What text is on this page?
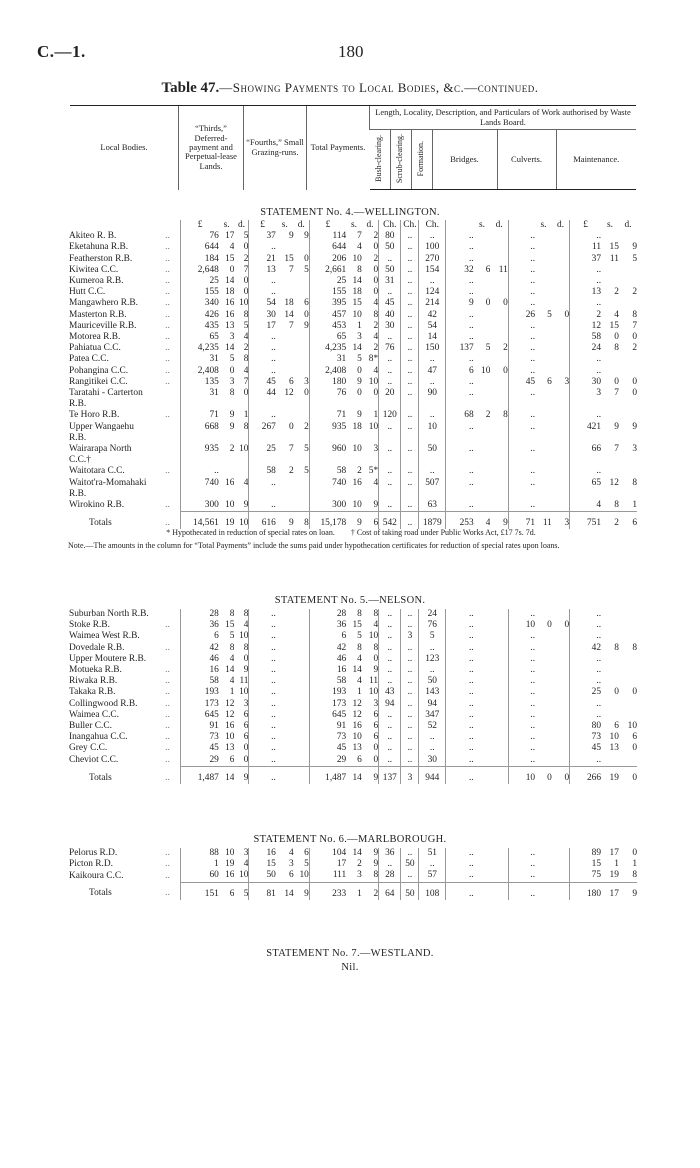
C.—1.	180
Table 47.—Showing Payments to Local Bodies, &c.—continued.
Local Bodies.	“Thirds,” Deferred-payment and Perpetual-lease Lands.	“Fourths,” Small Grazing-runs.	Total Payments.	Length, Locality, Description, and Particulars of Work authorised by Waste Lands Board.					
				Bush-clearing.	Scrub-clearing.	Formation.	Bridges.	Culverts.	Maintenance.
STATEMENT No. 4.—WELLINGTON.
		£	s.	d.	£	s.	d.	£	s.	d.	Ch.	Ch.	Ch.		s.	d.		s.	d.	£	s.	d.
Akiteo R. B.	..	76	17	5	37	9	9	114	7	2	80	..	..	..			..			..		
Eketahuna R.B.	..	644	4	0	..			644	4	0	50	..	100	..			..			11	15	9
Featherston R.B.	..	184	15	2	21	15	0	206	10	2	..	..	270	..			..			37	11	5
Kiwitea C.C.	..	2,648	0	7	13	7	5	2,661	8	0	50	..	154	32	6	11	..			..		
Kumeroa R.B.	..	25	14	0	..			25	14	0	31	..	..	..			..			..		
Hutt C.C.	..	155	18	0	..			155	18	0	..	..	124	..			..			13	2	2
Mangawhero R.B.	..	340	16	10	54	18	6	395	15	4	45	..	214	9	0	0	..			..		
Masterton R.B.	..	426	16	8	30	14	0	457	10	8	40	..	42	..			26	5	0	2	4	8
Mauriceville R.B.	..	435	13	5	17	7	9	453	1	2	30	..	54	..			..			12	15	7
Motorea R.B.	..	65	3	4	..			65	3	4	..	..	14	..			..			58	0	0
Pahiatua C.C.	..	4,235	14	2	..			4,235	14	2	76	..	150	137	5	2	..			24	8	2
Patea C.C.	..	31	5	8	..			31	5	8*	..	..	..	..			..			..		
Pohangina C.C.	..	2,408	0	4	..			2,408	0	4	..	..	47	6	10	0	..			..		
Rangitikei C.C.	..	135	3	7	45	6	3	180	9	10	..	..	..	..			45	6	3	30	0	0
Taratahi - Carterton		31	8	0	44	12	0	76	0	0	20	..	90	..			..			3	7	0
R.B.																						
Te Horo R.B.	..	71	9	1	..			71	9	1	120	..	..	68	2	8	..			..		
Upper Wangaehu		668	9	8	267	0	2	935	18	10	..	..	10	..			..			421	9	9
R.B.																						
Wairarapa North		935	2	10	25	7	5	960	10	3	..	..	50	..			..			66	7	3
C.C.†																						
Waitotara C.C.	..	..			58	2	5	58	2	5*	..	..	..	..			..			..		
Waitot'ra-Momahaki		740	16	4	..			740	16	4	..	..	507	..			..			65	12	8
R.B.																						
Wirokino R.B.	..	300	10	9	..			300	10	9	..	..	63	..			..			4	8	1
Totals	..	14,561	19	10	616	9	8	15,178	9	6	542	..	1879	253	4	9	71	11	3	751	2	6
* Hypothecated in reduction of special rates on loan. † Cost of taking road under Public Works Act, £17 7s. 7d.
Note.—The amounts in the column for “Total Payments” include the sums paid under hypothecation certificates for reduction of special rates upon loans.
STATEMENT No. 5.—NELSON.
Suburban North R.B.		28	8	8	..			28	8	8	..	..	24	..			..			..		
Stoke R.B.	..	36	15	4	..			36	15	4	..	..	76	..			10	0	0	..		
Waimea West R.B.		6	5	10	..			6	5	10	..	3	5	..			..			..		
Dovedale R.B.	..	42	8	8	..			42	8	8	..	..	..	..			..			42	8	8
Upper Moutere R.B.		46	4	0	..			46	4	0	..	..	123	..			..			..		
Motueka R.B.	..	16	14	9	..			16	14	9	..	..	..	..			..			..		
Riwaka R.B.	..	58	4	11	..			58	4	11	..	..	50	..			..			..		
Takaka R.B.	..	193	1	10	..			193	1	10	43	..	143	..			..			25	0	0
Collingwood R.B.	..	173	12	3	..			173	12	3	94	..	94	..			..			..		
Waimea C.C.	..	645	12	6	..			645	12	6	..	..	347	..			..			..		
Buller C.C.	..	91	16	6	..			91	16	6	..	..	52	..			..			80	6	10
Inangahua C.C.	..	73	10	6	..			73	10	6	..	..	..	..			..			73	10	6
Grey C.C.	..	45	13	0	..			45	13	0	..	..	..	..			..			45	13	0
Cheviot C.C.	..	29	6	0	..			29	6	0	..	..	30	..			..			..		
Totals	..	1,487	14	9	..			1,487	14	9	137	3	944	..			10	0	0	266	19	0
STATEMENT No. 6.—MARLBOROUGH.
Pelorus R.D.	..	88	10	3	16	4	6	104	14	9	36	..	51	..			..			89	17	0
Picton R.D.	..	1	19	4	15	3	5	17	2	9	..	50	..	..			..			15	1	1
Kaikoura C.C.	..	60	16	10	50	6	10	111	3	8	28	..	57	..			..			75	19	8
Totals	..	151	6	5	81	14	9	233	1	2	64	50	108	..			..			180	17	9
STATEMENT No. 7.—WESTLAND.
Nil.
